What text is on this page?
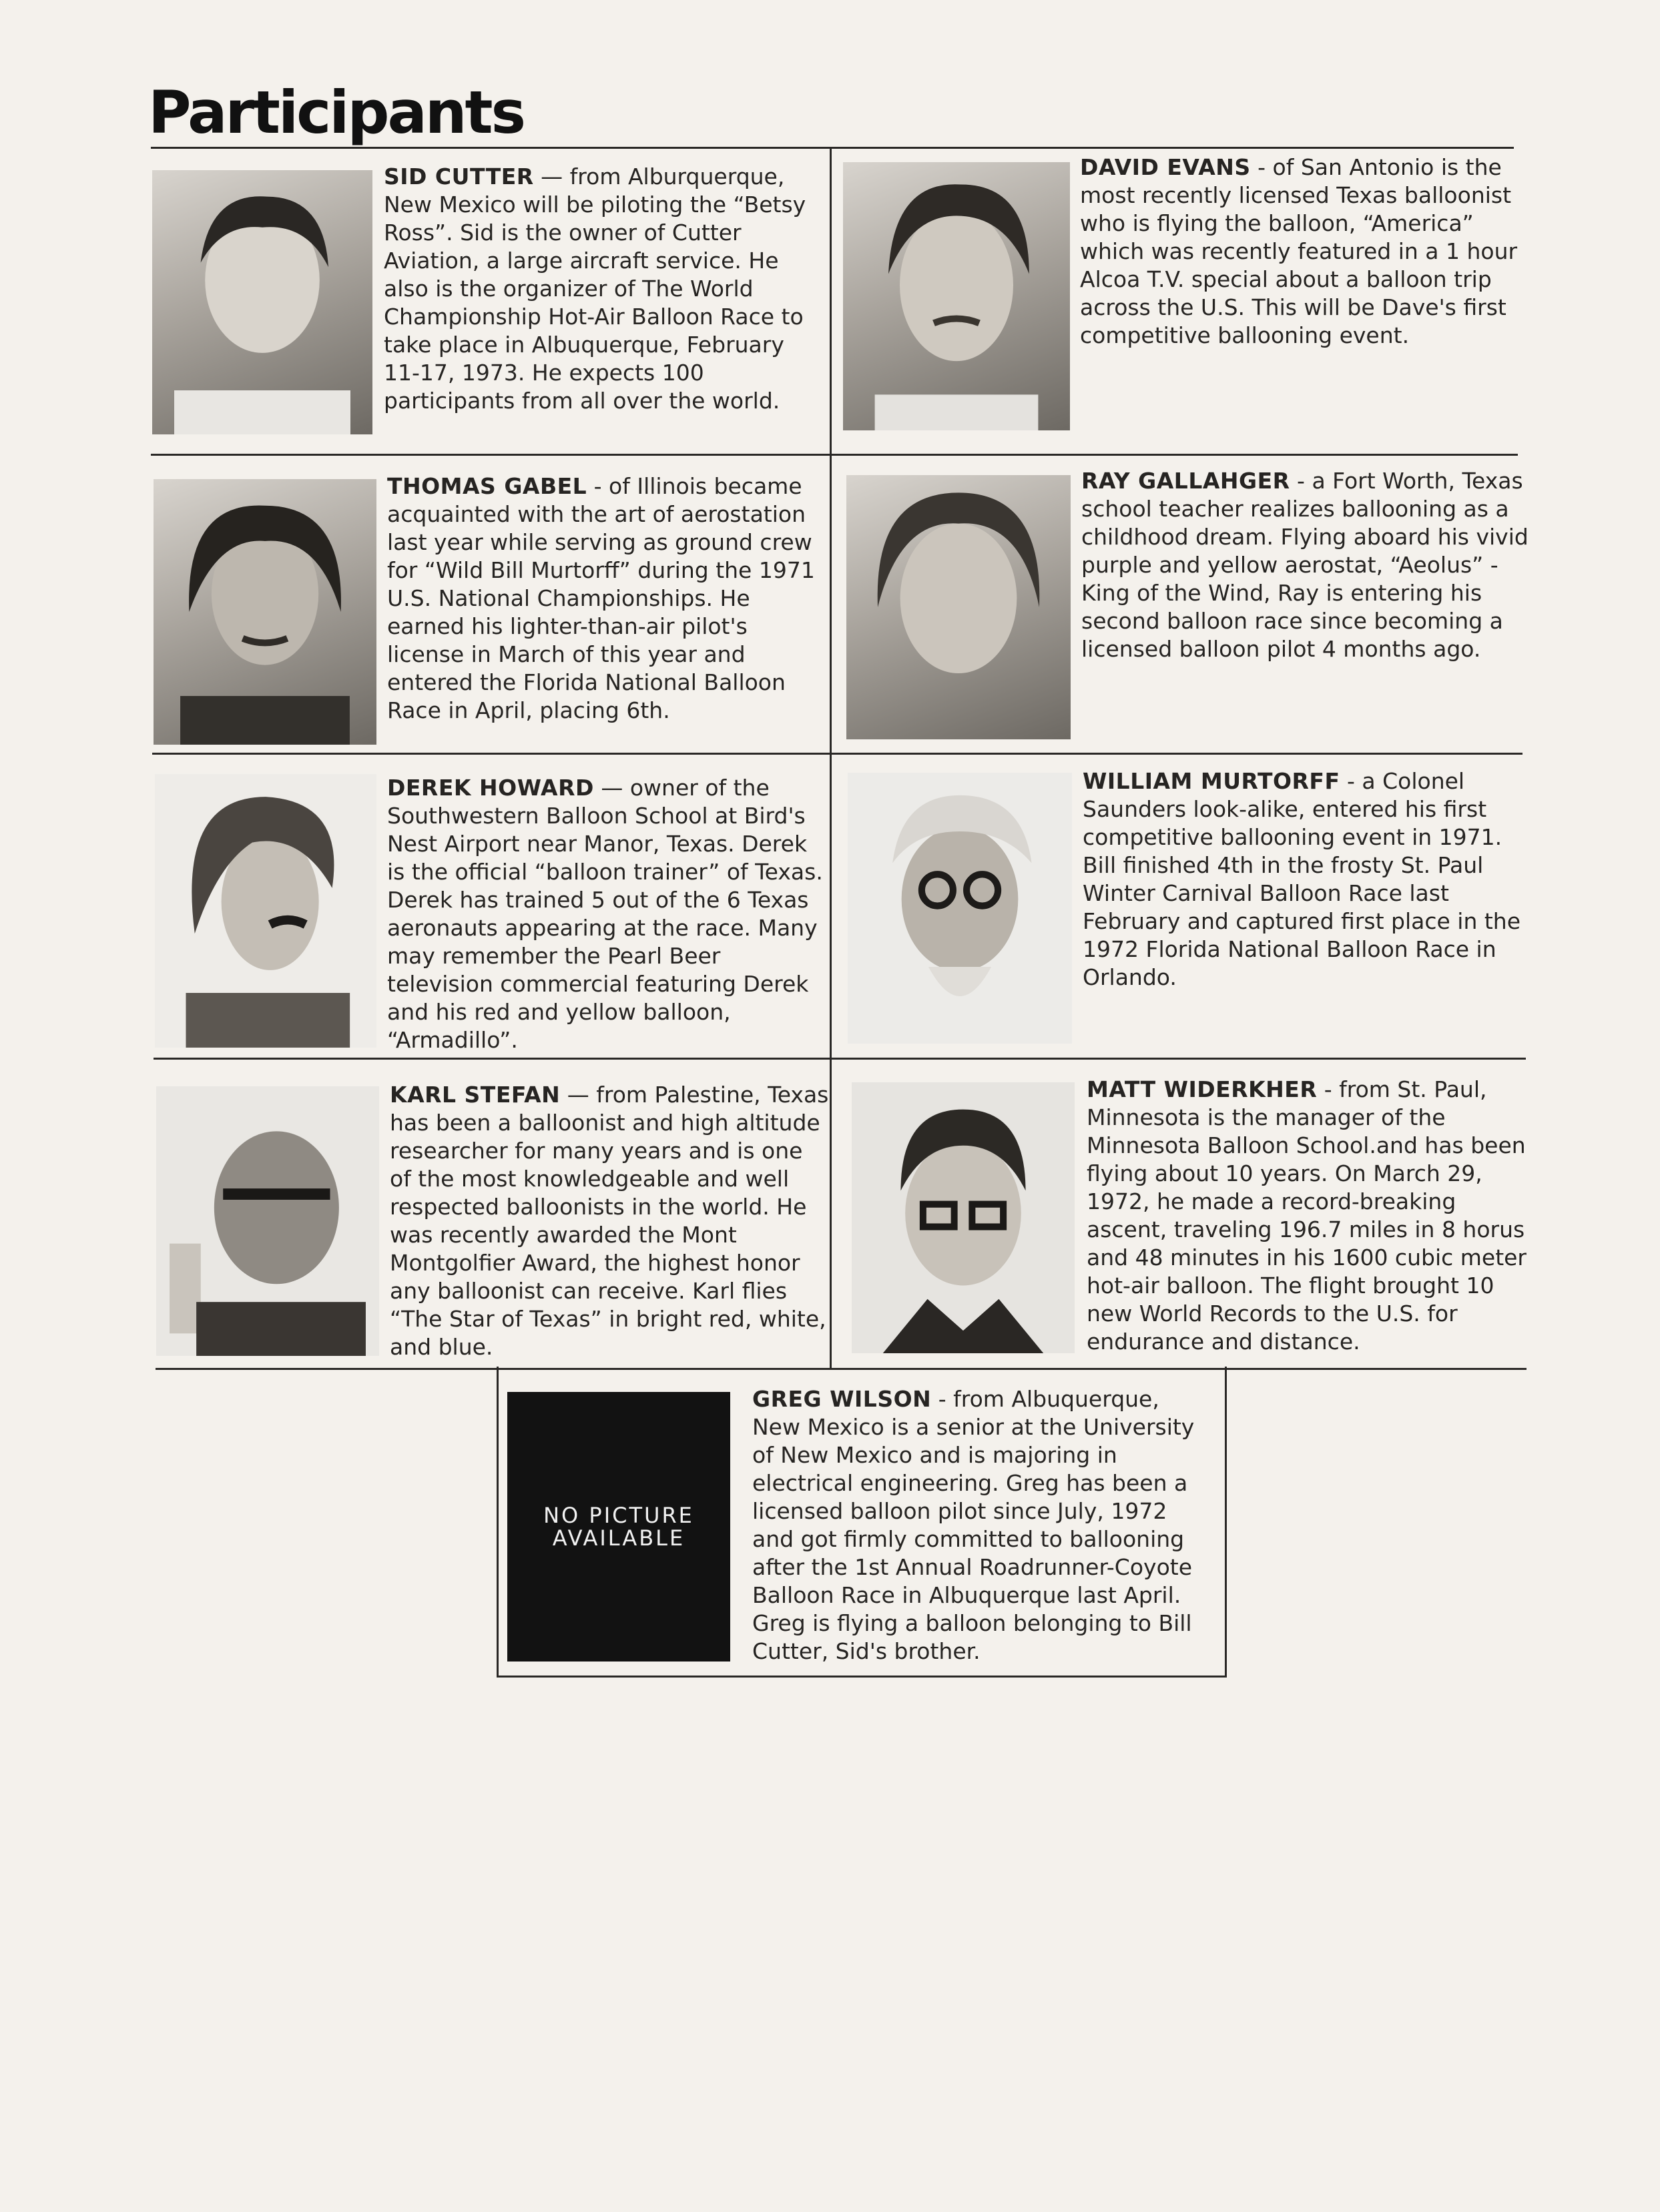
Participants

SID CUTTER — from Alburquerque, New Mexico will be piloting the “Betsy Ross”. Sid is the owner of Cutter Aviation, a large aircraft service. He also is the organizer of The World Championship Hot-Air Balloon Race to take place in Albuquerque, February 11-17, 1973. He expects 100 participants from all over the world.

DAVID EVANS - of San Antonio is the most recently licensed Texas balloonist who is flying the balloon, “America” which was recently featured in a 1 hour Alcoa T.V. special about a balloon trip across the U.S. This will be Dave's first competitive ballooning event.

THOMAS GABEL - of Illinois became acquainted with the art of aerostation last year while serving as ground crew for “Wild Bill Murtorff” during the 1971 U.S. National Championships. He earned his lighter-than-air pilot's license in March of this year and entered the Florida National Balloon Race in April, placing 6th.

RAY GALLAHGER - a Fort Worth, Texas school teacher realizes ballooning as a childhood dream. Flying aboard his vivid purple and yellow aerostat, “Aeolus” - King of the Wind, Ray is entering his second balloon race since becoming a licensed balloon pilot 4 months ago.

DEREK HOWARD — owner of the Southwestern Balloon School at Bird's Nest Airport near Manor, Texas. Derek is the official “balloon trainer” of Texas. Derek has trained 5 out of the 6 Texas aeronauts appearing at the race. Many may remember the Pearl Beer television commercial featuring Derek and his red and yellow balloon, “Armadillo”.

WILLIAM MURTORFF - a Colonel Saunders look-alike, entered his first competitive ballooning event in 1971. Bill finished 4th in the frosty St. Paul Winter Carnival Balloon Race last February and captured first place in the 1972 Florida National Balloon Race in Orlando.

KARL STEFAN — from Palestine, Texas has been a balloonist and high altitude researcher for many years and is one of the most knowledgeable and well respected balloonists in the world. He was recently awarded the Mont Montgolfier Award, the highest honor any balloonist can receive. Karl flies “The Star of Texas” in bright red, white, and blue.

MATT WIDERKHER - from St. Paul, Minnesota is the manager of the Minnesota Balloon School.and has been flying about 10 years. On March 29, 1972, he made a record-breaking ascent, traveling 196.7 miles in 8 horus and 48 minutes in his 1600 cubic meter hot-air balloon. The flight brought 10 new World Records to the U.S. for endurance and distance.

NO PICTURE
AVAILABLE

GREG WILSON - from Albuquerque, New Mexico is a senior at the University of New Mexico and is majoring in electrical engineering. Greg has been a licensed balloon pilot since July, 1972 and got firmly committed to ballooning after the 1st Annual Roadrunner-Coyote Balloon Race in Albuquerque last April. Greg is flying a balloon belonging to Bill Cutter, Sid's brother.
